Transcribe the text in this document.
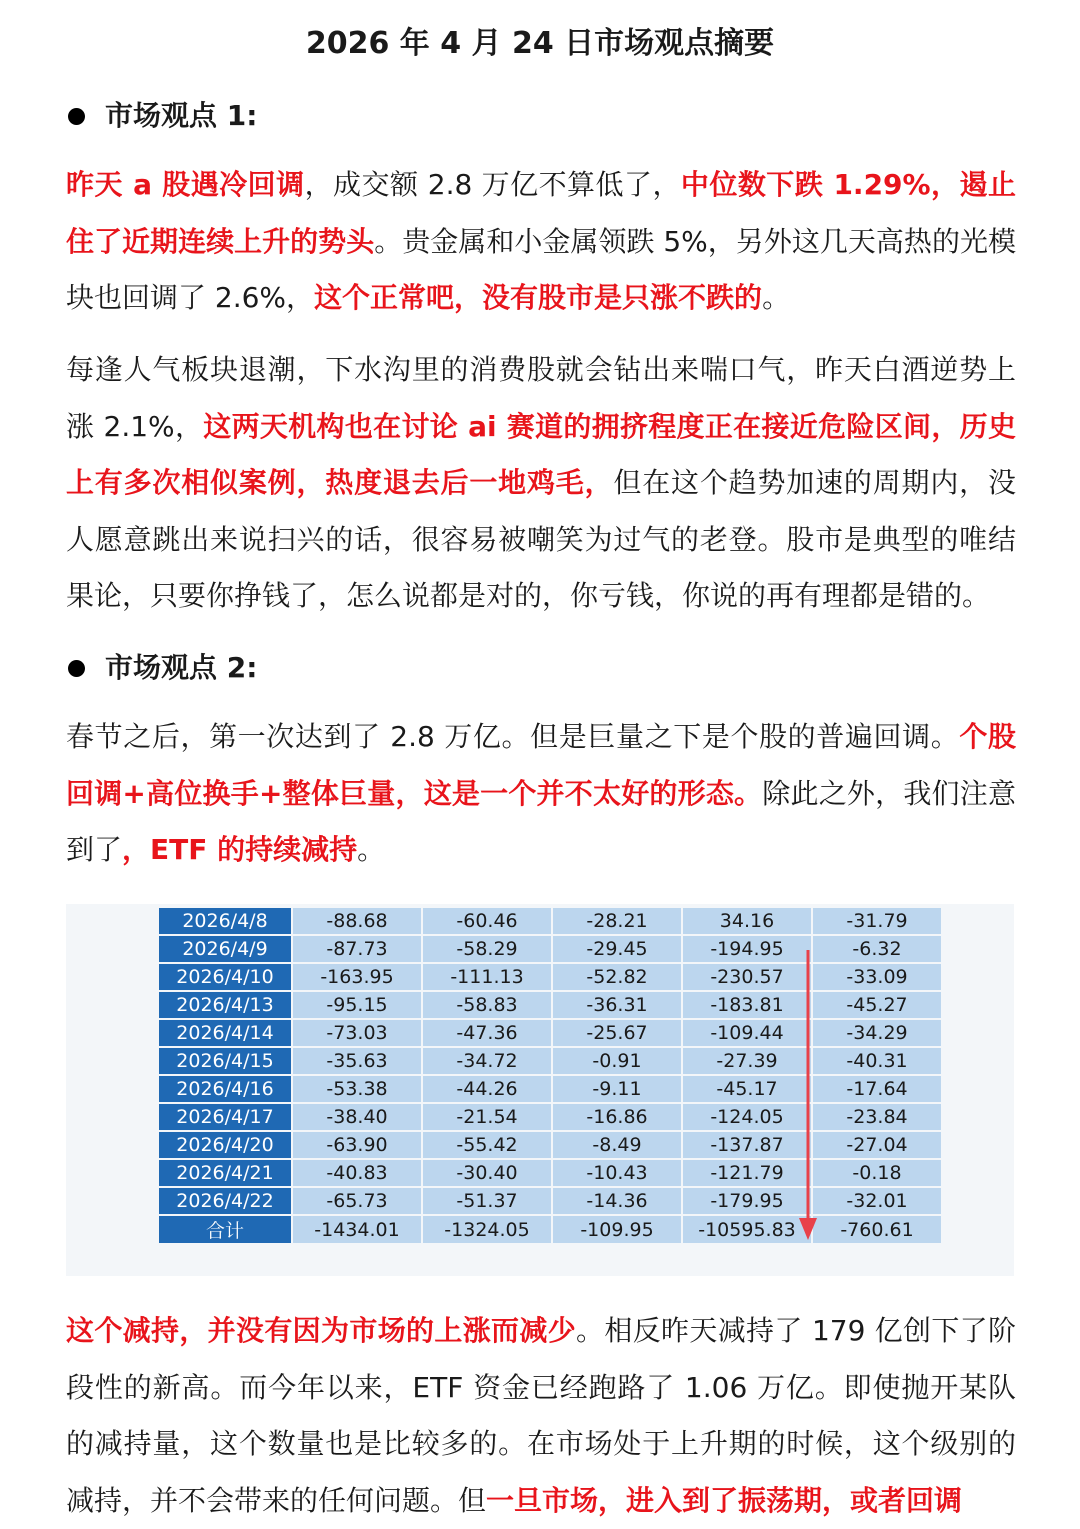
2026 年 4 月 24 日市场观点摘要
市场观点 1:
昨天 a 股遇冷回调，成交额 2.8 万亿不算低了，中位数下跌 1.29%，遏止住了近期连续上升的势头。贵金属和小金属领跌 5%，另外这几天高热的光模块也回调了 2.6%，这个正常吧，没有股市是只涨不跌的。
每逢人气板块退潮，下水沟里的消费股就会钻出来喘口气，昨天白酒逆势上涨 2.1%，这两天机构也在讨论 ai 赛道的拥挤程度正在接近危险区间，历史上有多次相似案例，热度退去后一地鸡毛，但在这个趋势加速的周期内，没人愿意跳出来说扫兴的话，很容易被嘲笑为过气的老登。股市是典型的唯结果论，只要你挣钱了，怎么说都是对的，你亏钱，你说的再有理都是错的。
市场观点 2:
春节之后，第一次达到了 2.8 万亿。但是巨量之下是个股的普遍回调。个股回调+高位换手+整体巨量，这是一个并不太好的形态。除此之外，我们注意到了，ETF 的持续减持。
2026/4/8	-88.68	-60.46	-28.21	34.16	-31.79
2026/4/9	-87.73	-58.29	-29.45	-194.95	-6.32
2026/4/10	-163.95	-111.13	-52.82	-230.57	-33.09
2026/4/13	-95.15	-58.83	-36.31	-183.81	-45.27
2026/4/14	-73.03	-47.36	-25.67	-109.44	-34.29
2026/4/15	-35.63	-34.72	-0.91	-27.39	-40.31
2026/4/16	-53.38	-44.26	-9.11	-45.17	-17.64
2026/4/17	-38.40	-21.54	-16.86	-124.05	-23.84
2026/4/20	-63.90	-55.42	-8.49	-137.87	-27.04
2026/4/21	-40.83	-30.40	-10.43	-121.79	-0.18
2026/4/22	-65.73	-51.37	-14.36	-179.95	-32.01
合计	-1434.01	-1324.05	-109.95	-10595.83	-760.61
这个减持，并没有因为市场的上涨而减少。相反昨天减持了 179 亿创下了阶段性的新高。而今年以来，ETF 资金已经跑路了 1.06 万亿。即使抛开某队的减持量，这个数量也是比较多的。在市场处于上升期的时候，这个级别的减持，并不会带来的任何问题。但一旦市场，进入到了振荡期，或者回调
